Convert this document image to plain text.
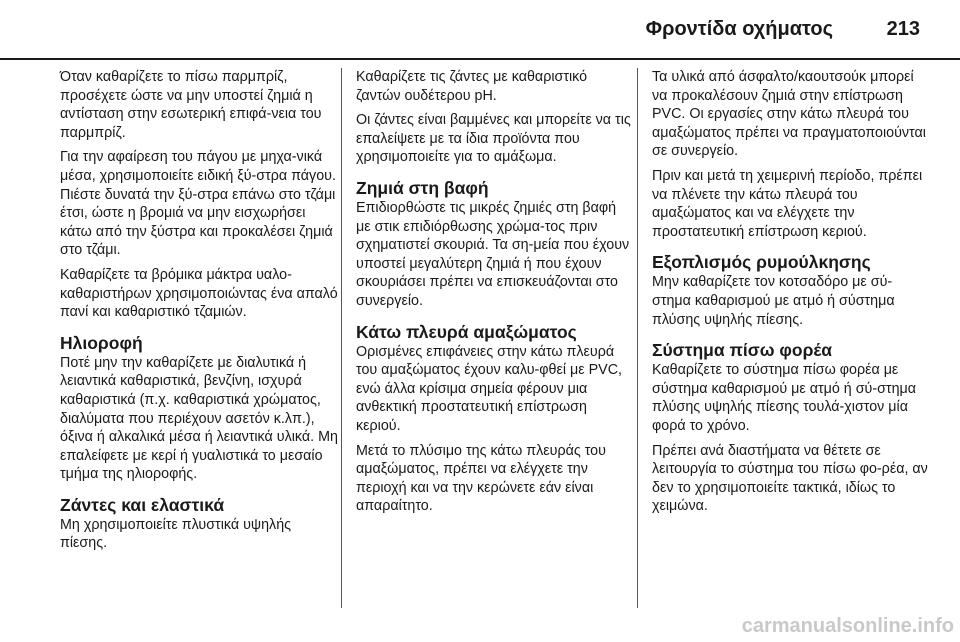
Φροντίδα οχήματος	213

Όταν καθαρίζετε το πίσω παρμπρίζ, προσέχετε ώστε να μην υποστεί ζημιά η αντίσταση στην εσωτερική επιφά-νεια του παρμπρίζ.

Για την αφαίρεση του πάγου με μηχα-νικά μέσα, χρησιμοποιείτε ειδική ξύ-στρα πάγου. Πιέστε δυνατά την ξύ-στρα επάνω στο τζάμι έτσι, ώστε η βρομιά να μην εισχωρήσει κάτω από την ξύστρα και προκαλέσει ζημιά στο τζάμι.

Καθαρίζετε τα βρόμικα μάκτρα υαλο-καθαριστήρων χρησιμοποιώντας ένα απαλό πανί και καθαριστικό τζαμιών.

Ηλιοροφή

Ποτέ μην την καθαρίζετε με διαλυτικά ή λειαντικά καθαριστικά, βενζίνη, ισχυρά καθαριστικά (π.χ. καθαριστικά χρώματος, διαλύματα που περιέχουν ασετόν κ.λπ.), όξινα ή αλκαλικά μέσα ή λειαντικά υλικά. Μη επαλείφετε με κερί ή γυαλιστικά το μεσαίο τμήμα της ηλιοροφής.

Ζάντες και ελαστικά

Μη χρησιμοποιείτε πλυστικά υψηλής πίεσης.

Καθαρίζετε τις ζάντες με καθαριστικό ζαντών ουδέτερου pH.

Οι ζάντες είναι βαμμένες και μπορείτε να τις επαλείψετε με τα ίδια προϊόντα που χρησιμοποιείτε για το αμάξωμα.

Ζημιά στη βαφή

Επιδιορθώστε τις μικρές ζημιές στη βαφή με στικ επιδιόρθωσης χρώμα-τος πριν σχηματιστεί σκουριά. Τα ση-μεία που έχουν υποστεί μεγαλύτερη ζημιά ή που έχουν σκουριάσει πρέπει να επισκευάζονται στο συνεργείο.

Κάτω πλευρά αμαξώματος

Ορισμένες επιφάνειες στην κάτω πλευρά του αμαξώματος έχουν καλυ-φθεί με PVC, ενώ άλλα κρίσιμα σημεία φέρουν μια ανθεκτική προστατευτική επίστρωση κεριού.

Μετά το πλύσιμο της κάτω πλευράς του αμαξώματος, πρέπει να ελέγχετε την περιοχή και να την κερώνετε εάν είναι απαραίτητο.

Τα υλικά από άσφαλτο/καουτσούκ μπορεί να προκαλέσουν ζημιά στην επίστρωση PVC. Οι εργασίες στην κάτω πλευρά του αμαξώματος πρέπει να πραγματοποιούνται σε συνεργείο.

Πριν και μετά τη χειμερινή περίοδο, πρέπει να πλένετε την κάτω πλευρά του αμαξώματος και να ελέγχετε την προστατευτική επίστρωση κεριού.

Εξοπλισμός ρυμούλκησης

Μην καθαρίζετε τον κοτσαδόρο με σύ-στημα καθαρισμού με ατμό ή σύστημα πλύσης υψηλής πίεσης.

Σύστημα πίσω φορέα

Καθαρίζετε το σύστημα πίσω φορέα με σύστημα καθαρισμού με ατμό ή σύ-στημα πλύσης υψηλής πίεσης τουλά-χιστον μία φορά το χρόνο.

Πρέπει ανά διαστήματα να θέτετε σε λειτουργία το σύστημα του πίσω φο-ρέα, αν δεν το χρησιμοποιείτε τακτικά, ιδίως το χειμώνα.

carmanualsonline.info
